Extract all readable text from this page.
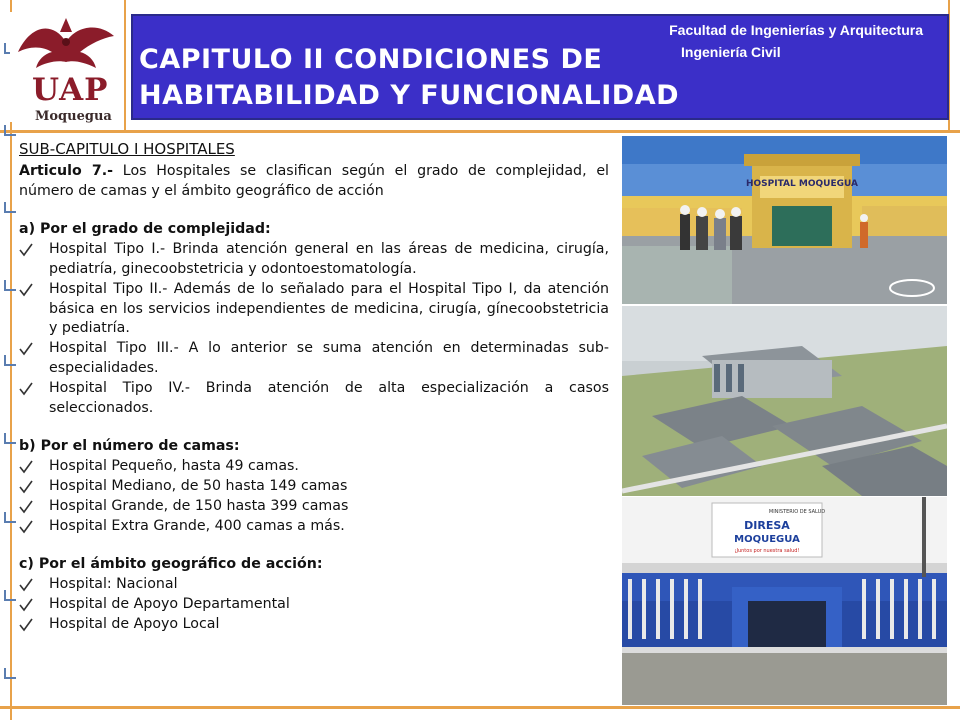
UAP
Moquegua
Facultad de Ingenierías y Arquitectura
Ingeniería Civil
CAPITULO II CONDICIONES DE
HABITABILIDAD Y FUNCIONALIDAD
SUB-CAPITULO I HOSPITALES
Articulo 7.- Los Hospitales se clasifican según el grado de complejidad, el número de camas y el ámbito geográfico de acción
a) Por el grado de complejidad:
Hospital Tipo I.- Brinda atención general en las áreas de medicina, cirugía, pediatría, ginecoobstetricia y odontoestomatología.
Hospital Tipo II.- Además de lo señalado para el Hospital Tipo I, da atención básica en los servicios independientes de medicina, cirugía, gínecoobstetricia y pediatría.
Hospital Tipo III.- A lo anterior se suma atención en determinadas sub-especialidades.
Hospital Tipo IV.- Brinda atención de alta especialización a casos seleccionados.
b) Por el número de camas:
Hospital Pequeño, hasta 49 camas.
Hospital Mediano, de 50 hasta 149 camas
Hospital Grande, de 150 hasta 399 camas
Hospital Extra Grande, 400 camas a más.
c) Por el ámbito geográfico de acción:
Hospital: Nacional
Hospital de Apoyo Departamental
Hospital de Apoyo Local
HOSPITAL MOQUEGUA
MINISTERIO DE SALUD
DIRESA
MOQUEGUA
¡Juntos por nuestra salud!
